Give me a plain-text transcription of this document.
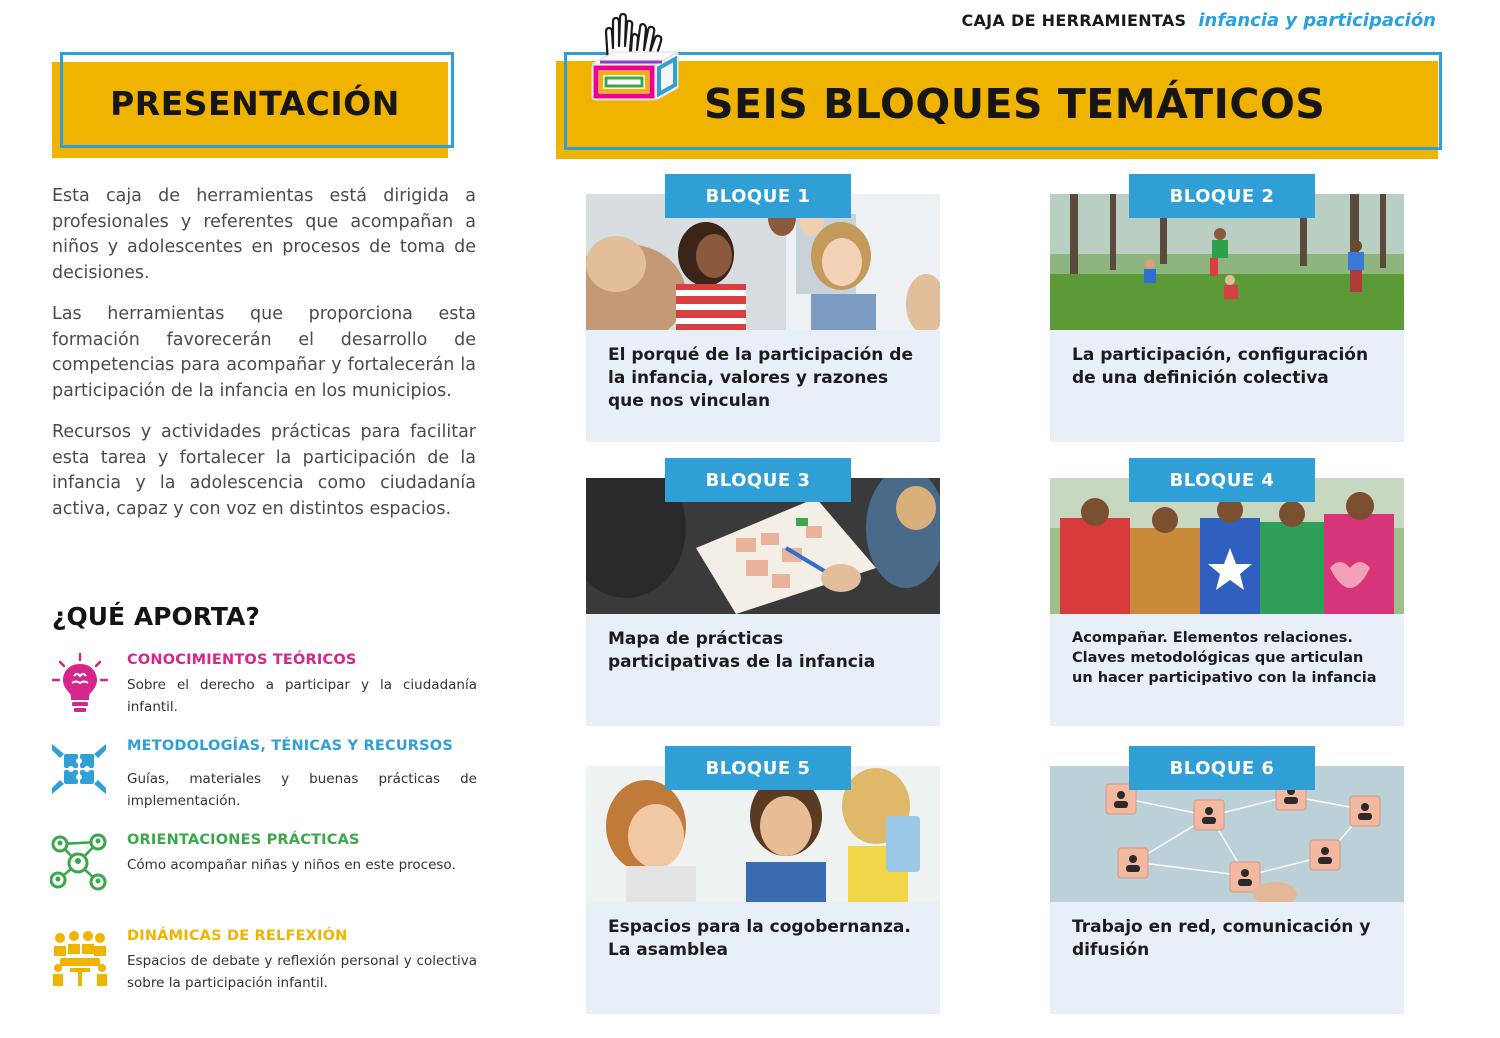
CAJA DE HERRAMIENTAS infancia y participación
PRESENTACIÓN	SEIS BLOQUES TEMÁTICOS

Esta caja de herramientas está dirigida a profesionales y referentes que acompañan a niños y adolescentes en procesos de toma de decisiones.

Las herramientas que proporciona esta formación favorecerán el desarrollo de competencias para acompañar y fortalecerán la participación de la infancia en los municipios.

Recursos y actividades prácticas para facilitar esta tarea y fortalecer la participación de la infancia y la adolescencia como ciudadanía activa, capaz y con voz en distintos espacios.

¿QUÉ APORTA?
CONOCIMIENTOS TEÓRICOS
Sobre el derecho a participar y la ciudadanía infantil.
METODOLOGÍAS, TÉNICAS Y RECURSOS
Guías, materiales y buenas prácticas de implementación.
ORIENTACIONES PRÁCTICAS
Cómo acompañar niñas y niños en este proceso.
DINÁMICAS DE RELFEXIÓN
Espacios de debate y reflexión personal y colectiva sobre la participación infantil.
El porqué de la participación de la infancia, valores y razones que nos vinculan
BLOQUE 1
La participación, configuración de una definición colectiva
BLOQUE 2
Mapa de prácticas participativas de la infancia
BLOQUE 3
Acompañar. Elementos relaciones. Claves metodológicas que articulan un hacer participativo con la infancia
BLOQUE 4
Espacios para la cogobernanza. La asamblea
BLOQUE 5
Trabajo en red, comunicación y difusión
BLOQUE 6
